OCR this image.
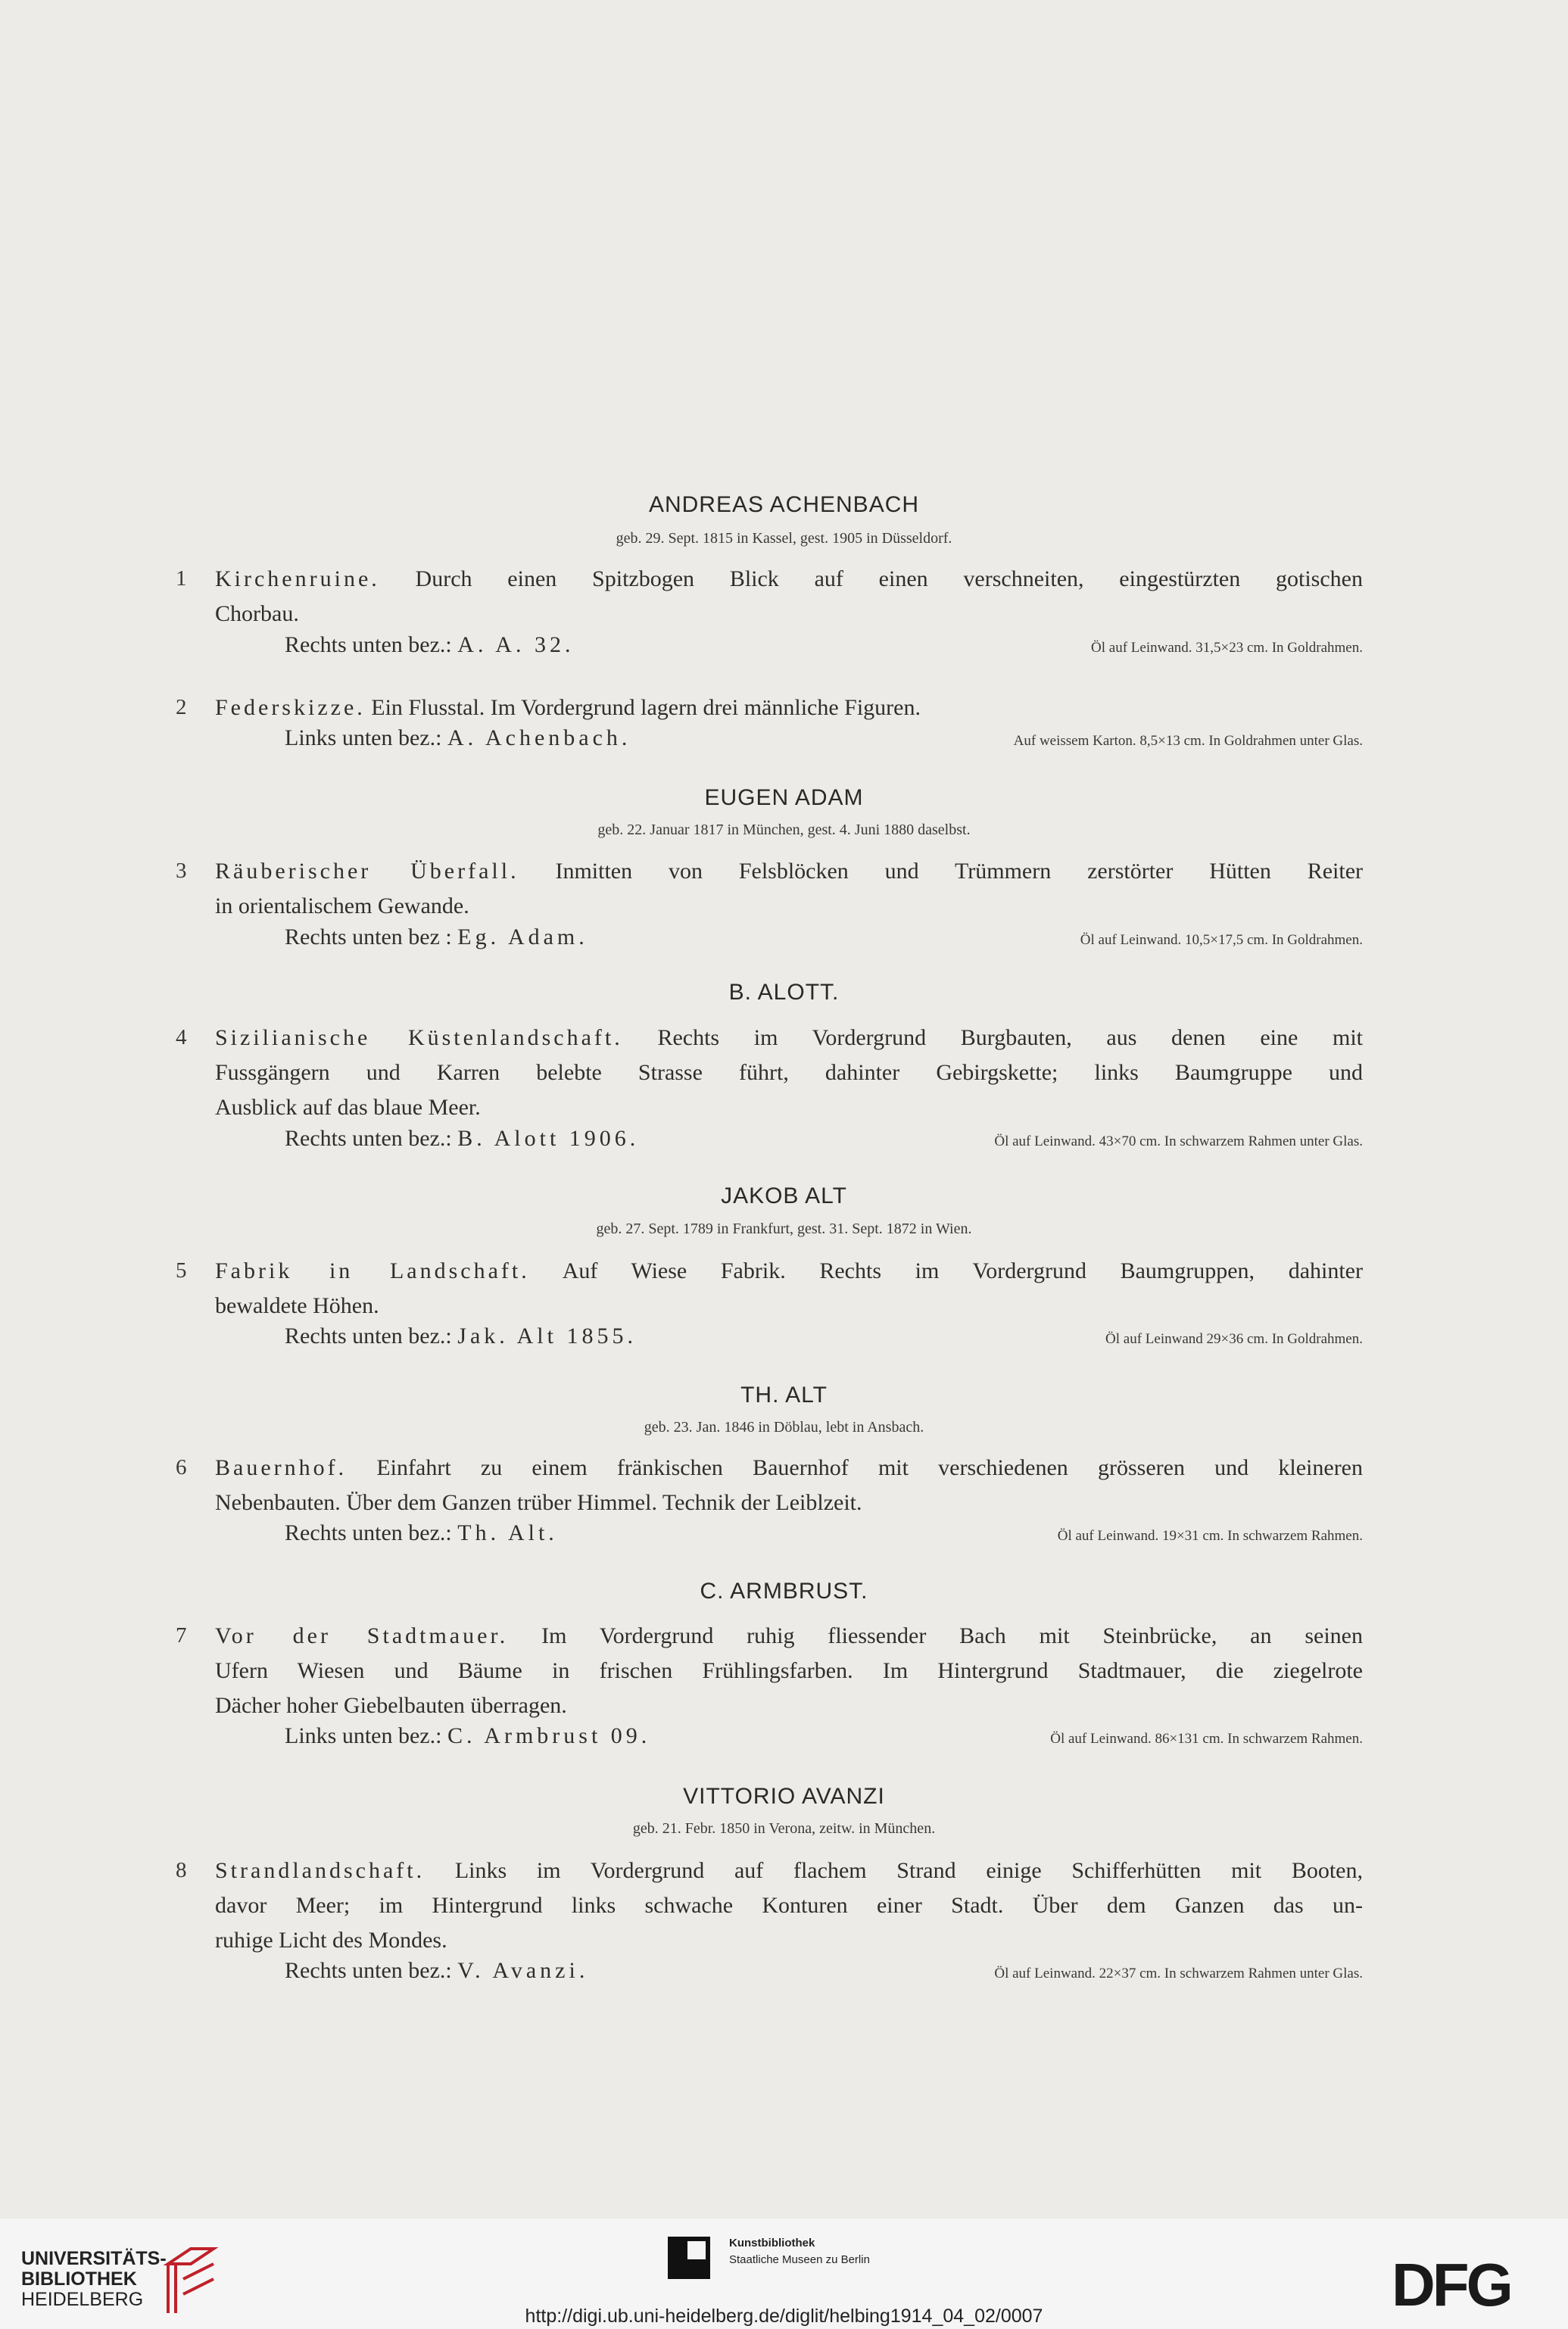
ANDREAS ACHENBACH
geb. 29. Sept. 1815 in Kassel, gest. 1905 in Düsseldorf.
1 Kirchenruine. Durch einen Spitzbogen Blick auf einen verschneiten, eingestürzten gotischen
Chorbau.
Rechts unten bez.: A. A. 32.	Öl auf Leinwand. 31,5×23 cm. In Goldrahmen.
2 Federskizze. Ein Flusstal. Im Vordergrund lagern drei männliche Figuren.
Links unten bez.: A. Achenbach.	Auf weissem Karton. 8,5×13 cm. In Goldrahmen unter Glas.
EUGEN ADAM
geb. 22. Januar 1817 in München, gest. 4. Juni 1880 daselbst.
3 Räuberischer Überfall. Inmitten von Felsblöcken und Trümmern zerstörter Hütten Reiter
in orientalischem Gewande.
Rechts unten bez : Eg. Adam.	Öl auf Leinwand. 10,5×17,5 cm. In Goldrahmen.
B. ALOTT.
4 Sizilianische Küstenlandschaft. Rechts im Vordergrund Burgbauten, aus denen eine mit
Fussgängern und Karren belebte Strasse führt, dahinter Gebirgskette; links Baumgruppe und
Ausblick auf das blaue Meer.
Rechts unten bez.: B. Alott 1906.	Öl auf Leinwand. 43×70 cm. In schwarzem Rahmen unter Glas.
JAKOB ALT
geb. 27. Sept. 1789 in Frankfurt, gest. 31. Sept. 1872 in Wien.
5 Fabrik in Landschaft. Auf Wiese Fabrik. Rechts im Vordergrund Baumgruppen, dahinter
bewaldete Höhen.
Rechts unten bez.: Jak. Alt 1855.	Öl auf Leinwand 29×36 cm. In Goldrahmen.
TH. ALT
geb. 23. Jan. 1846 in Döblau, lebt in Ansbach.
6 Bauernhof. Einfahrt zu einem fränkischen Bauernhof mit verschiedenen grösseren und kleineren
Nebenbauten. Über dem Ganzen trüber Himmel. Technik der Leiblzeit.
Rechts unten bez.: Th. Alt.	Öl auf Leinwand. 19×31 cm. In schwarzem Rahmen.
C. ARMBRUST.
7 Vor der Stadtmauer. Im Vordergrund ruhig fliessender Bach mit Steinbrücke, an seinen
Ufern Wiesen und Bäume in frischen Frühlingsfarben. Im Hintergrund Stadtmauer, die ziegelrote
Dächer hoher Giebelbauten überragen.
Links unten bez.: C. Armbrust 09.	Öl auf Leinwand. 86×131 cm. In schwarzem Rahmen.
VITTORIO AVANZI
geb. 21. Febr. 1850 in Verona, zeitw. in München.
8 Strandlandschaft. Links im Vordergrund auf flachem Strand einige Schifferhütten mit Booten,
davor Meer; im Hintergrund links schwache Konturen einer Stadt. Über dem Ganzen das un-
ruhige Licht des Mondes.
Rechts unten bez.: V. Avanzi.	Öl auf Leinwand. 22×37 cm. In schwarzem Rahmen unter Glas.
UNIVERSITÄTS-
BIBLIOTHEK
HEIDELBERG
Kunstbibliothek
Staatliche Museen zu Berlin	DFG
http://digi.ub.uni-heidelberg.de/diglit/helbing1914_04_02/0007
